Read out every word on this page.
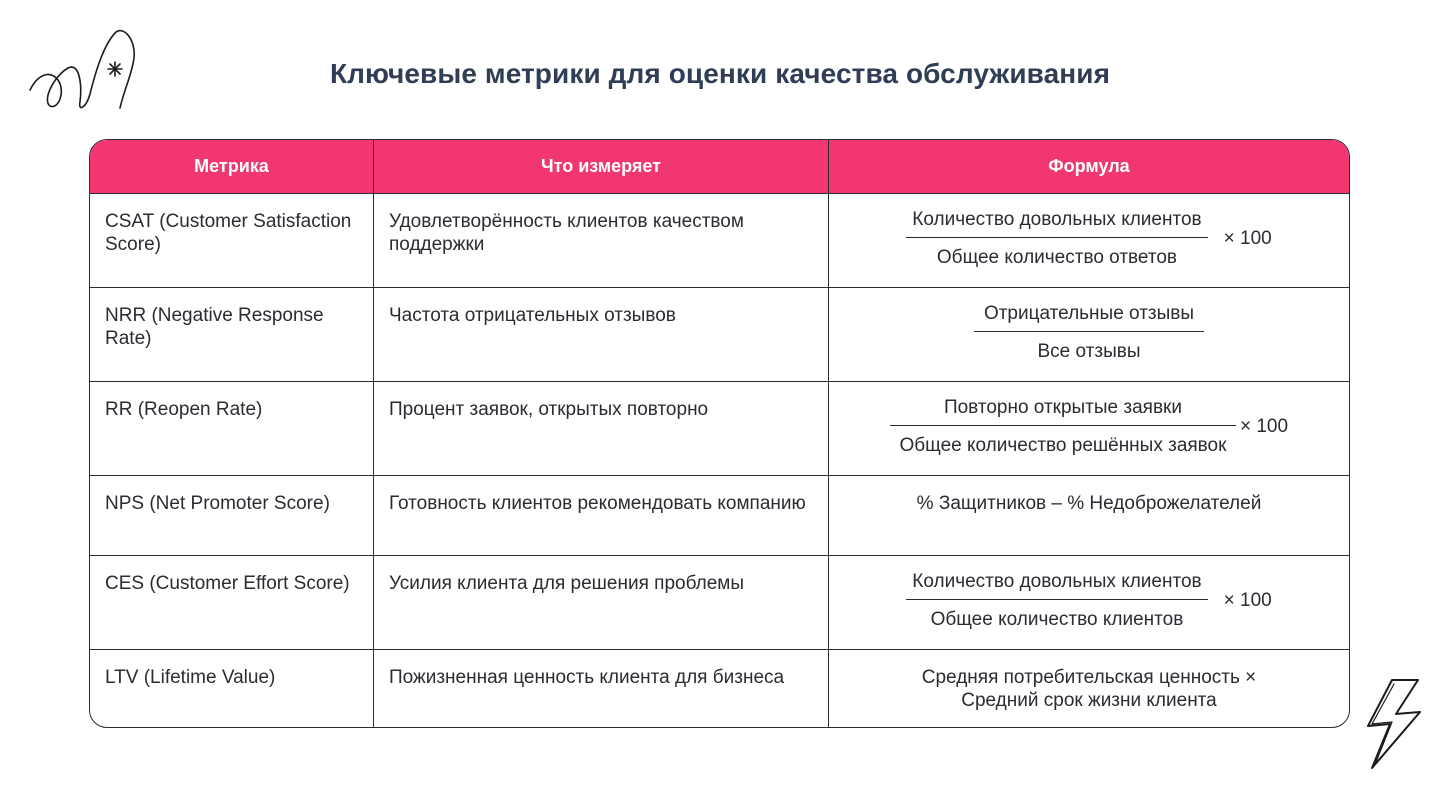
Ключевые метрики для оценки качества обслуживания
Метрика	Что измеряет	Формула
CSAT (Customer Satisfaction Score)	Удовлетворённость клиентов качеством поддержки	$\frac{\text{Количество довольных клиентов}}{\text{Общее количество ответов}} \times 100$

NRR (Negative Response Rate)	Частота отрицательных отзывов	$\frac{\text{Отрицательные отзывы}}{\text{Все отзывы}}$

RR (Reopen Rate)	Процент заявок, открытых повторно	$\frac{\text{Повторно открытые заявки}}{\text{Общее количество решённых заявок}} \times 100$

NPS (Net Promoter Score)	Готовность клиентов рекомендовать компанию	% Защитников – % Недоброжелателей

CES (Customer Effort Score)	Усилия клиента для решения проблемы	$\frac{\text{Количество довольных клиентов}}{\text{Общее количество клиентов}} \times 100$

LTV (Lifetime Value)	Пожизненная ценность клиента для бизнеса	Средняя потребительская ценность ×
Средний срок жизни клиента
